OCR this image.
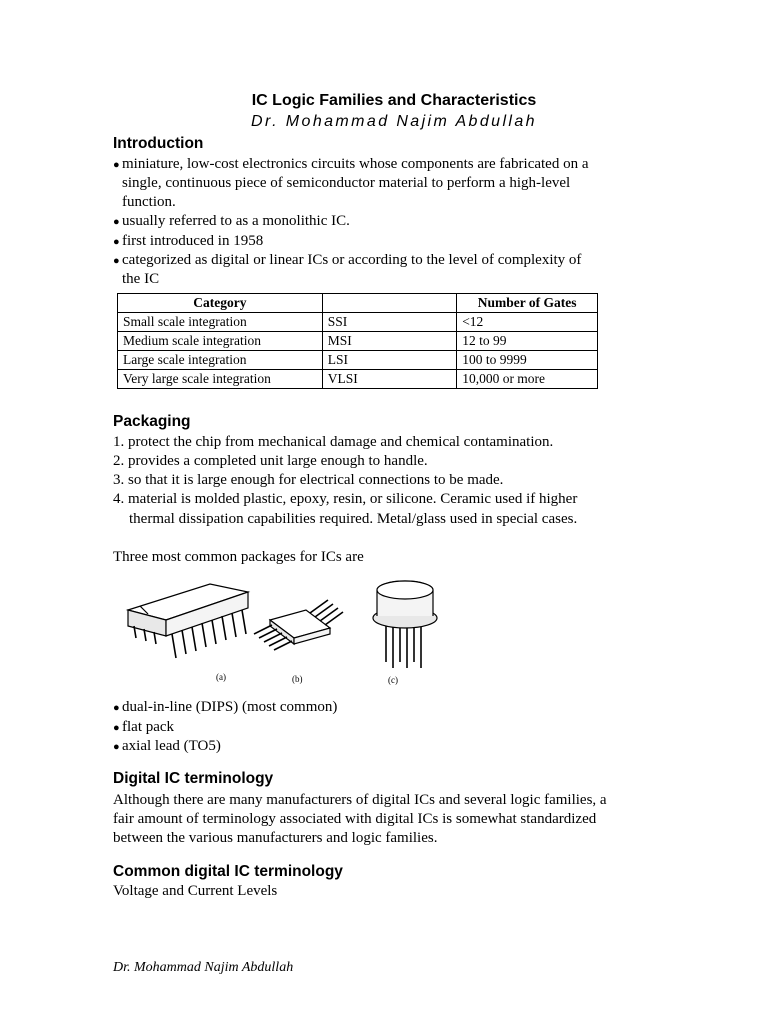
IC Logic Families and Characteristics
Dr. Mohammad Najim Abdullah
Introduction
● miniature, low-cost electronics circuits whose components are fabricated on a
single, continuous piece of semiconductor material to perform a high-level
function.
● usually referred to as a monolithic IC.
● first introduced in 1958
● categorized as digital or linear ICs or according to the level of complexity of
the IC
Category		Number of Gates
Small scale integration	SSI	<12
Medium scale integration	MSI	12 to 99
Large scale integration	LSI	100 to 9999
Very large scale integration	VLSI	10,000 or more
Packaging
1. protect the chip from mechanical damage and chemical contamination.
2. provides a completed unit large enough to handle.
3. so that it is large enough for electrical connections to be made.
4. material is molded plastic, epoxy, resin, or silicone. Ceramic used if higher
thermal dissipation capabilities required. Metal/glass used in special cases.
Three most common packages for ICs are
(a)	(b)	(c)
● dual-in-line (DIPS) (most common)
● flat pack
● axial lead (TO5)
Digital IC terminology
Although there are many manufacturers of digital ICs and several logic families, a
fair amount of terminology associated with digital ICs is somewhat standardized
between the various manufacturers and logic families.
Common digital IC terminology
Voltage and Current Levels
Dr. Mohammad Najim Abdullah
